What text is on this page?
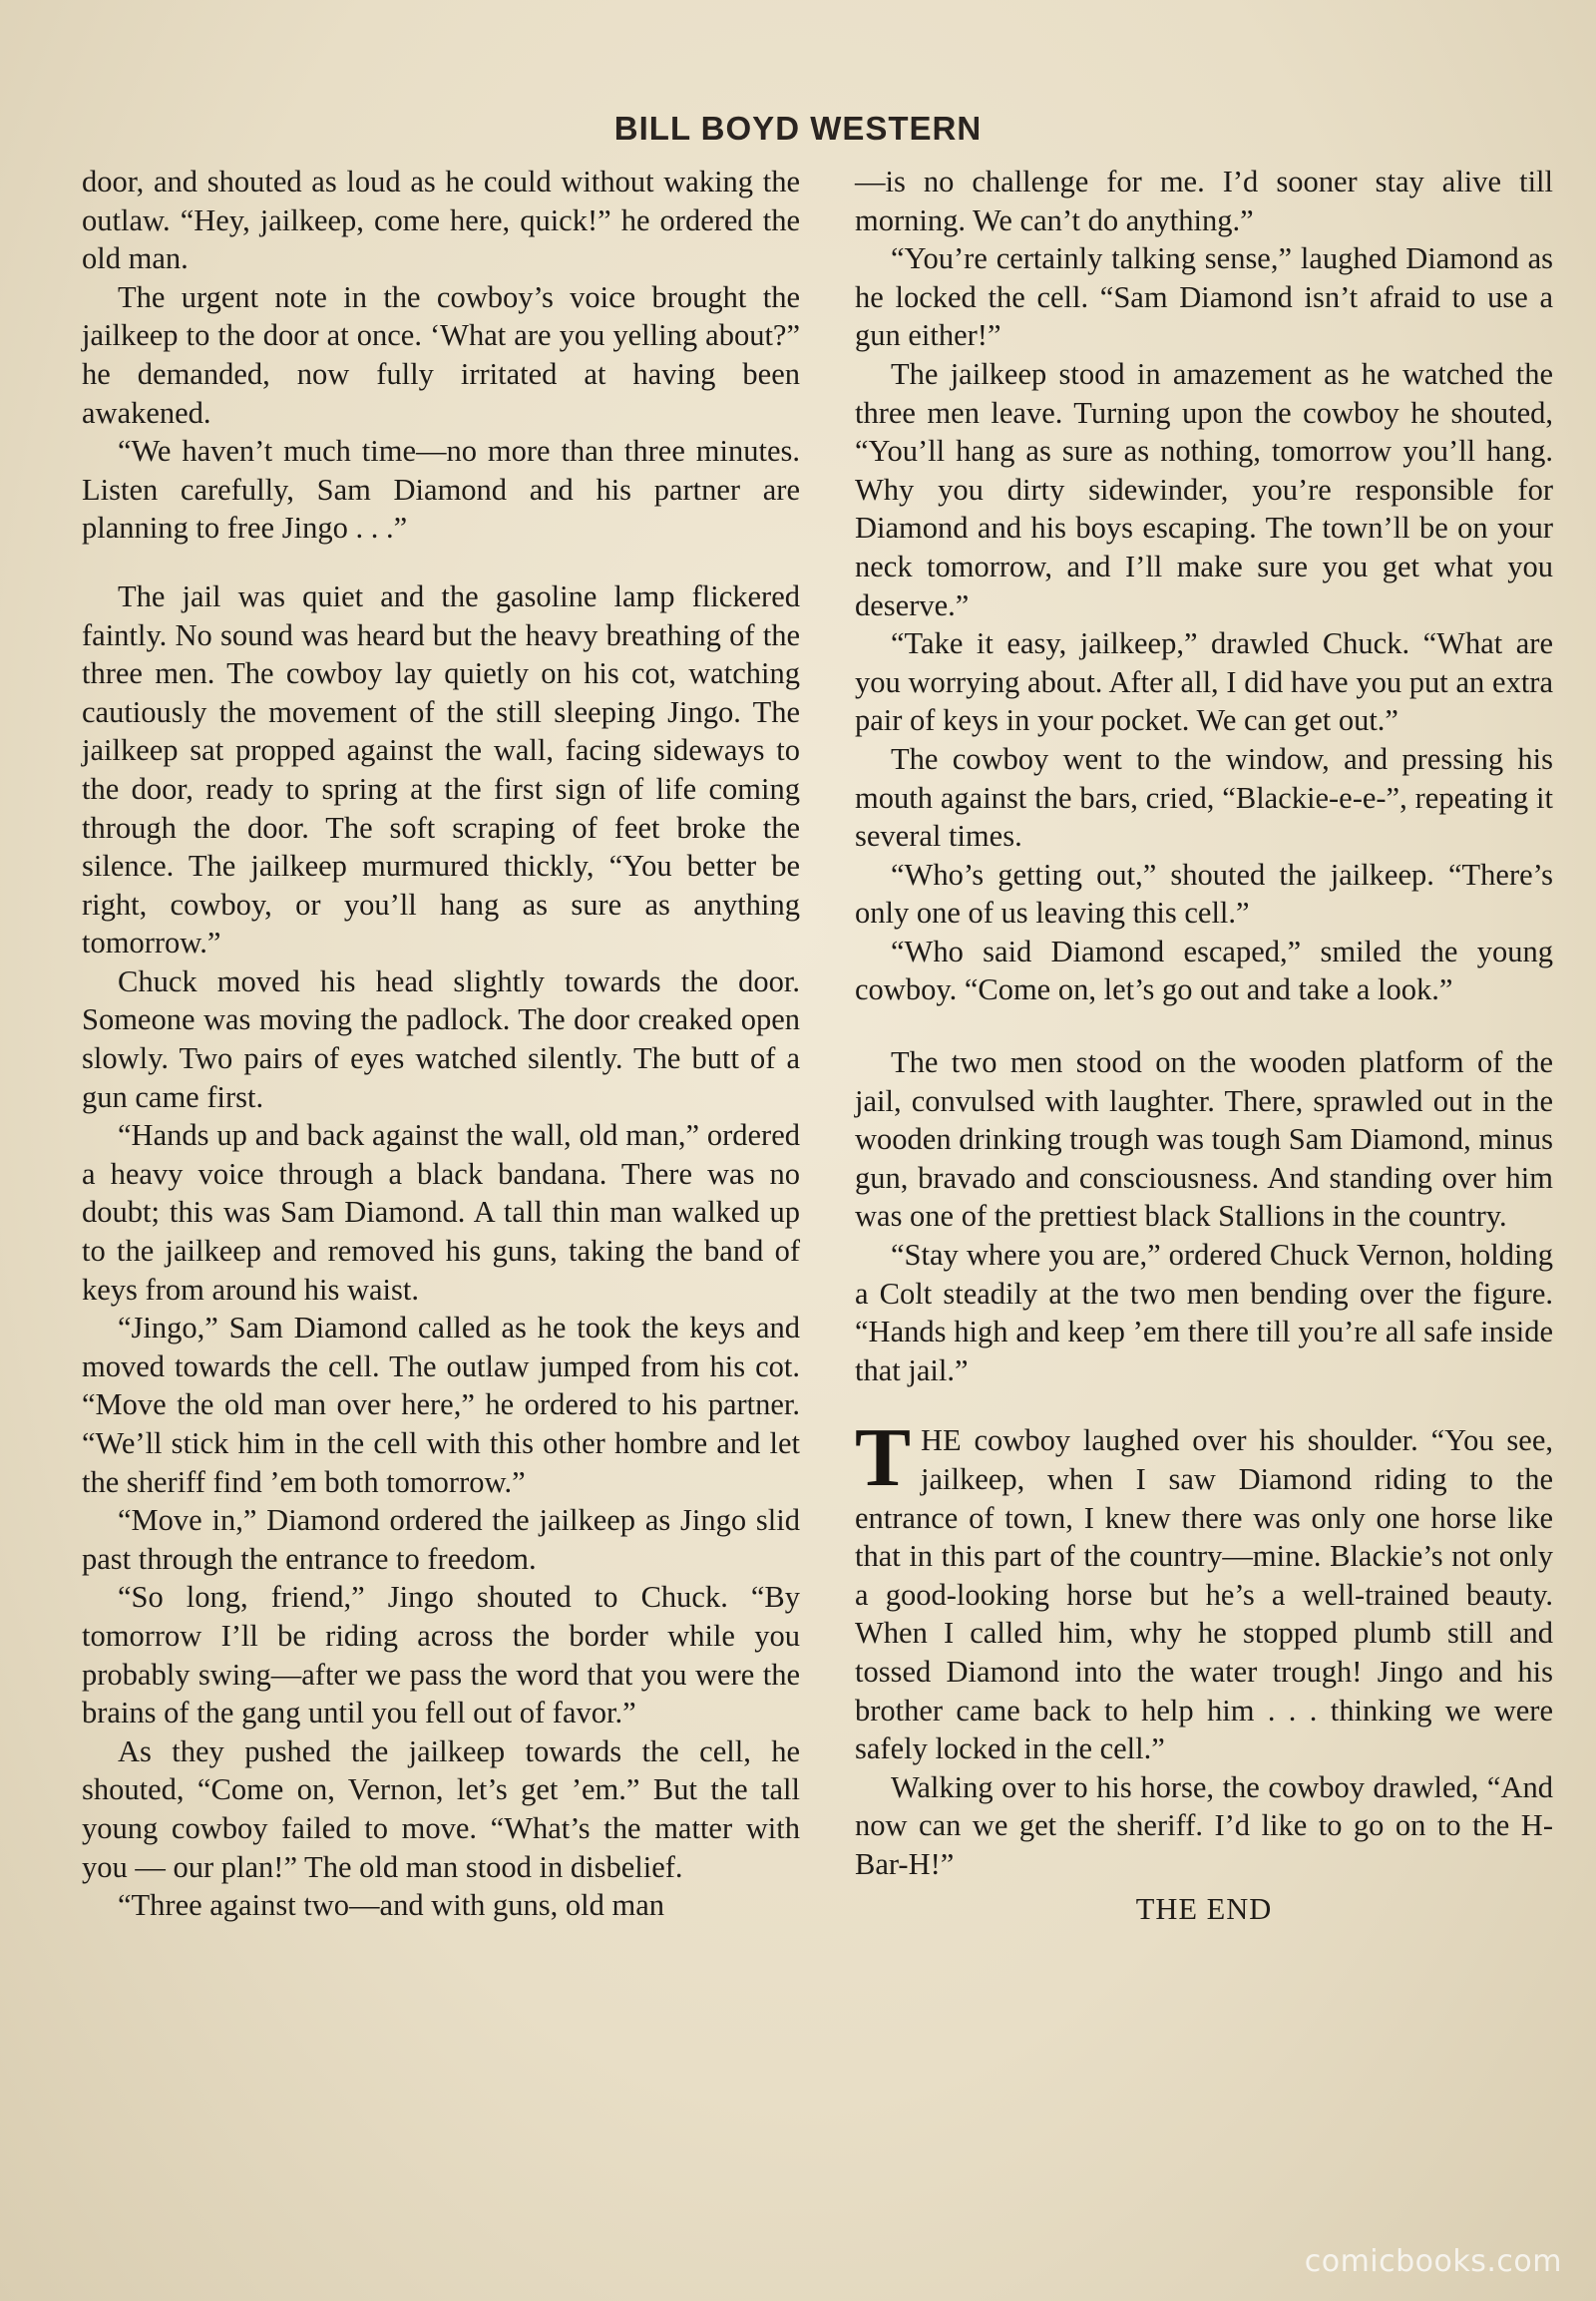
BILL BOYD WESTERN

door, and shouted as loud as he could without waking the outlaw. “Hey, jailkeep, come here, quick!” he ordered the old man.

The urgent note in the cowboy’s voice brought the jailkeep to the door at once. ‘What are you yelling about?” he demanded, now fully irritated at having been awakened.

“We haven’t much time—no more than three minutes. Listen carefully, Sam Diamond and his partner are planning to free Jingo . . .”

The jail was quiet and the gasoline lamp flickered faintly. No sound was heard but the heavy breathing of the three men. The cowboy lay quietly on his cot, watching cautiously the movement of the still sleeping Jingo. The jailkeep sat propped against the wall, facing sideways to the door, ready to spring at the first sign of life coming through the door. The soft scraping of feet broke the silence. The jailkeep murmured thickly, “You better be right, cowboy, or you’ll hang as sure as anything tomorrow.”

Chuck moved his head slightly towards the door. Someone was moving the padlock. The door creaked open slowly. Two pairs of eyes watched silently. The butt of a gun came first.

“Hands up and back against the wall, old man,” ordered a heavy voice through a black bandana. There was no doubt; this was Sam Diamond. A tall thin man walked up to the jailkeep and removed his guns, taking the band of keys from around his waist.

“Jingo,” Sam Diamond called as he took the keys and moved towards the cell. The outlaw jumped from his cot. “Move the old man over here,” he ordered to his partner. “We’ll stick him in the cell with this other hombre and let the sheriff find ’em both tomorrow.”

“Move in,” Diamond ordered the jailkeep as Jingo slid past through the entrance to freedom.

“So long, friend,” Jingo shouted to Chuck. “By tomorrow I’ll be riding across the border while you probably swing—after we pass the word that you were the brains of the gang until you fell out of favor.”

As they pushed the jailkeep towards the cell, he shouted, “Come on, Vernon, let’s get ’em.” But the tall young cowboy failed to move. “What’s the matter with you — our plan!” The old man stood in disbelief.

“Three against two—and with guns, old man

—is no challenge for me. I’d sooner stay alive till morning. We can’t do anything.”

“You’re certainly talking sense,” laughed Diamond as he locked the cell. “Sam Diamond isn’t afraid to use a gun either!”

The jailkeep stood in amazement as he watched the three men leave. Turning upon the cowboy he shouted, “You’ll hang as sure as nothing, tomorrow you’ll hang. Why you dirty sidewinder, you’re responsible for Diamond and his boys escaping. The town’ll be on your neck tomorrow, and I’ll make sure you get what you deserve.”

“Take it easy, jailkeep,” drawled Chuck. “What are you worrying about. After all, I did have you put an extra pair of keys in your pocket. We can get out.”

The cowboy went to the window, and pressing his mouth against the bars, cried, “Blackie-e-e-”, repeating it several times.

“Who’s getting out,” shouted the jailkeep. “There’s only one of us leaving this cell.”

“Who said Diamond escaped,” smiled the young cowboy. “Come on, let’s go out and take a look.”

The two men stood on the wooden platform of the jail, convulsed with laughter. There, sprawled out in the wooden drinking trough was tough Sam Diamond, minus gun, bravado and consciousness. And standing over him was one of the prettiest black Stallions in the country.

“Stay where you are,” ordered Chuck Vernon, holding a Colt steadily at the two men bending over the figure. “Hands high and keep ’em there till you’re all safe inside that jail.”

THE cowboy laughed over his shoulder. “You see, jailkeep, when I saw Diamond riding to the entrance of town, I knew there was only one horse like that in this part of the country—mine. Blackie’s not only a good-looking horse but he’s a well-trained beauty. When I called him, why he stopped plumb still and tossed Diamond into the water trough! Jingo and his brother came back to help him . . . thinking we were safely locked in the cell.”

Walking over to his horse, the cowboy drawled, “And now can we get the sheriff. I’d like to go on to the H-Bar-H!”

THE END
comicbooks.com
